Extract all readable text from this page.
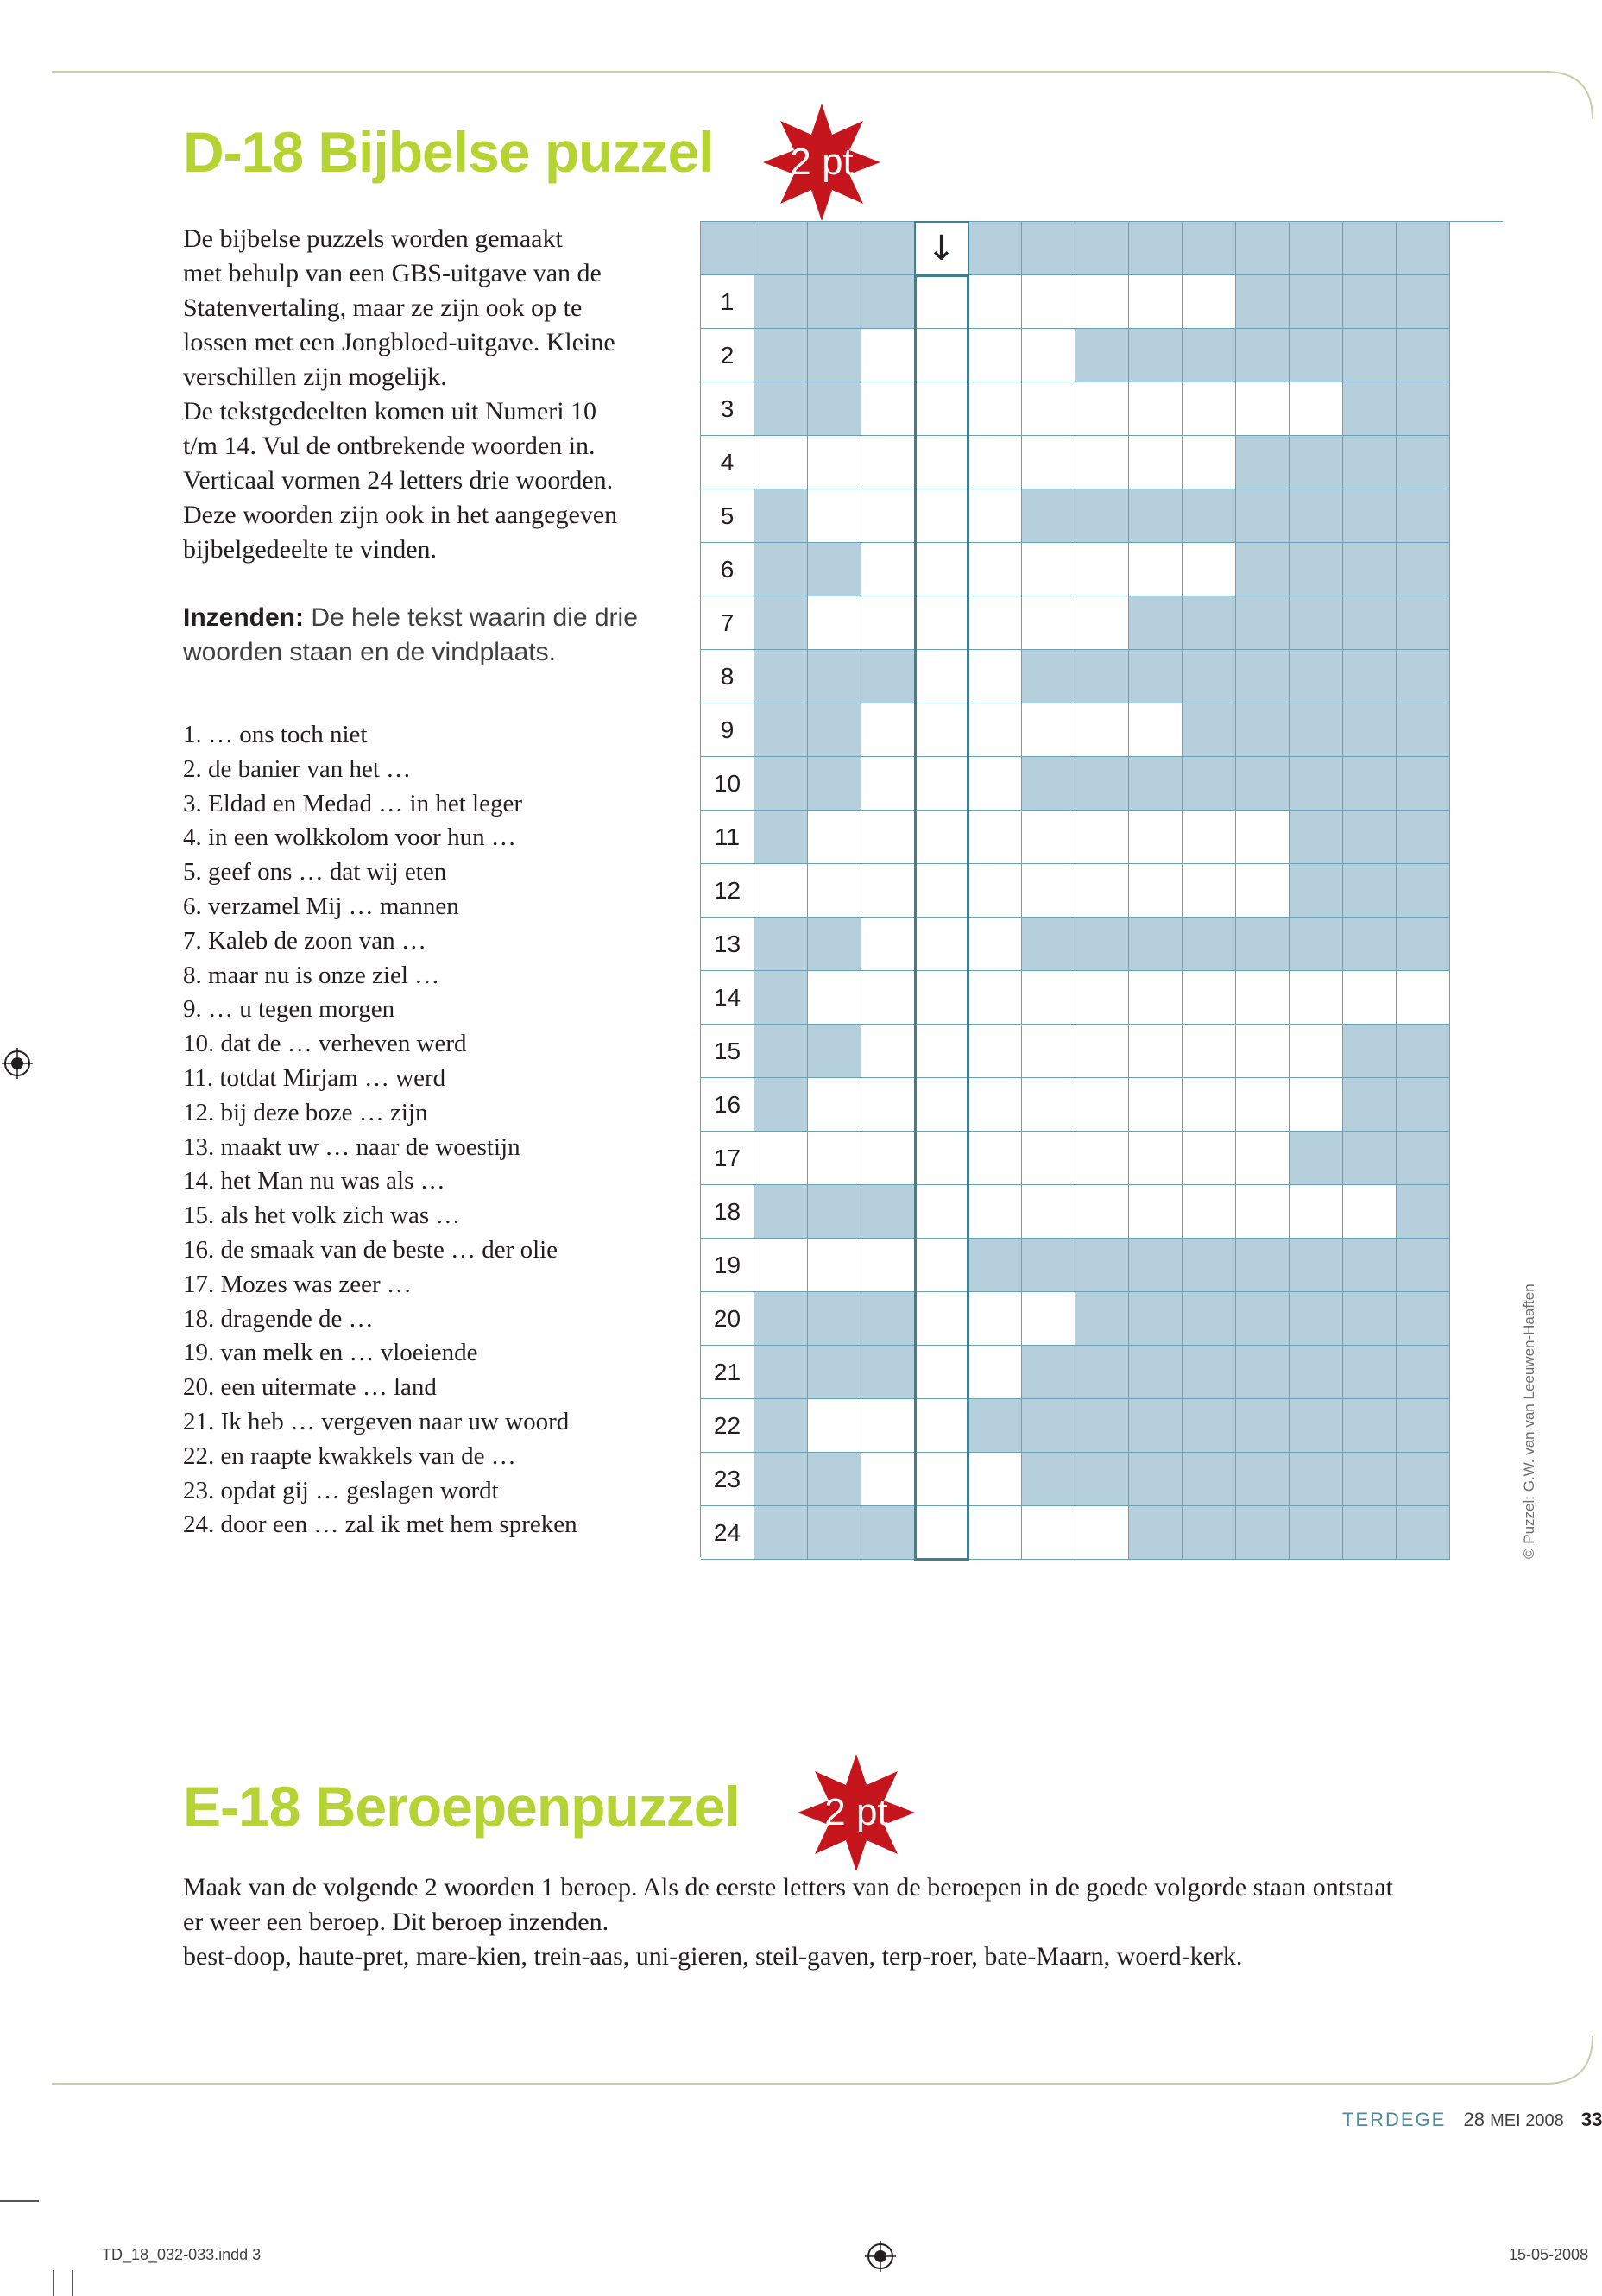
D-18 Bijbelse puzzel	2 pt

De bijbelse puzzels worden gemaakt

met behulp van een GBS-uitgave van de

Statenvertaling, maar ze zijn ook op te

lossen met een Jongbloed-uitgave. Kleine

verschillen zijn mogelijk.

De tekstgedeelten komen uit Numeri 10

t/m 14. Vul de ontbrekende woorden in.

Verticaal vormen 24 letters drie woorden.

Deze woorden zijn ook in het aangegeven

bijbelgedeelte te vinden.

Inzenden: De hele tekst waarin die drie
woorden staan en de vindplaats.
1. … ons toch niet
2. de banier van het …
3. Eldad en Medad … in het leger
4. in een wolkkolom voor hun …
5. geef ons … dat wij eten
6. verzamel Mij … mannen
7. Kaleb de zoon van …
8. maar nu is onze ziel …
9. … u tegen morgen
10. dat de … verheven werd
11. totdat Mirjam … werd
12. bij deze boze … zijn
13. maakt uw … naar de woestijn
14. het Man nu was als …
15. als het volk zich was …
16. de smaak van de beste … der olie
17. Mozes was zeer …
18. dragende de …
19. van melk en … vloeiende
20. een uitermate … land
21. Ik heb … vergeven naar uw woord
22. en raapte kwakkels van de …
23. opdat gij … geslagen wordt
24. door een … zal ik met hem spreken
↓
1
2
3
4
5
6
7
8
9
10
11
12
13
14
15
16
17
18
19
20
21
22
23
24	© Puzzel: G.W. van van Leeuwen-Haaften
E-18 Beroepenpuzzel	2 pt

Maak van de volgende 2 woorden 1 beroep. Als de eerste letters van de beroepen in de goede volgorde staan ontstaat

er weer een beroep. Dit beroep inzenden.

best-doop, haute-pret, mare-kien, trein-aas, uni-gieren, steil-gaven, terp-roer, bate-Maarn, woerd-kerk.

TERDEGE 28 MEI 2008 33
TD_18_032-033.indd 3	15-05-2008
